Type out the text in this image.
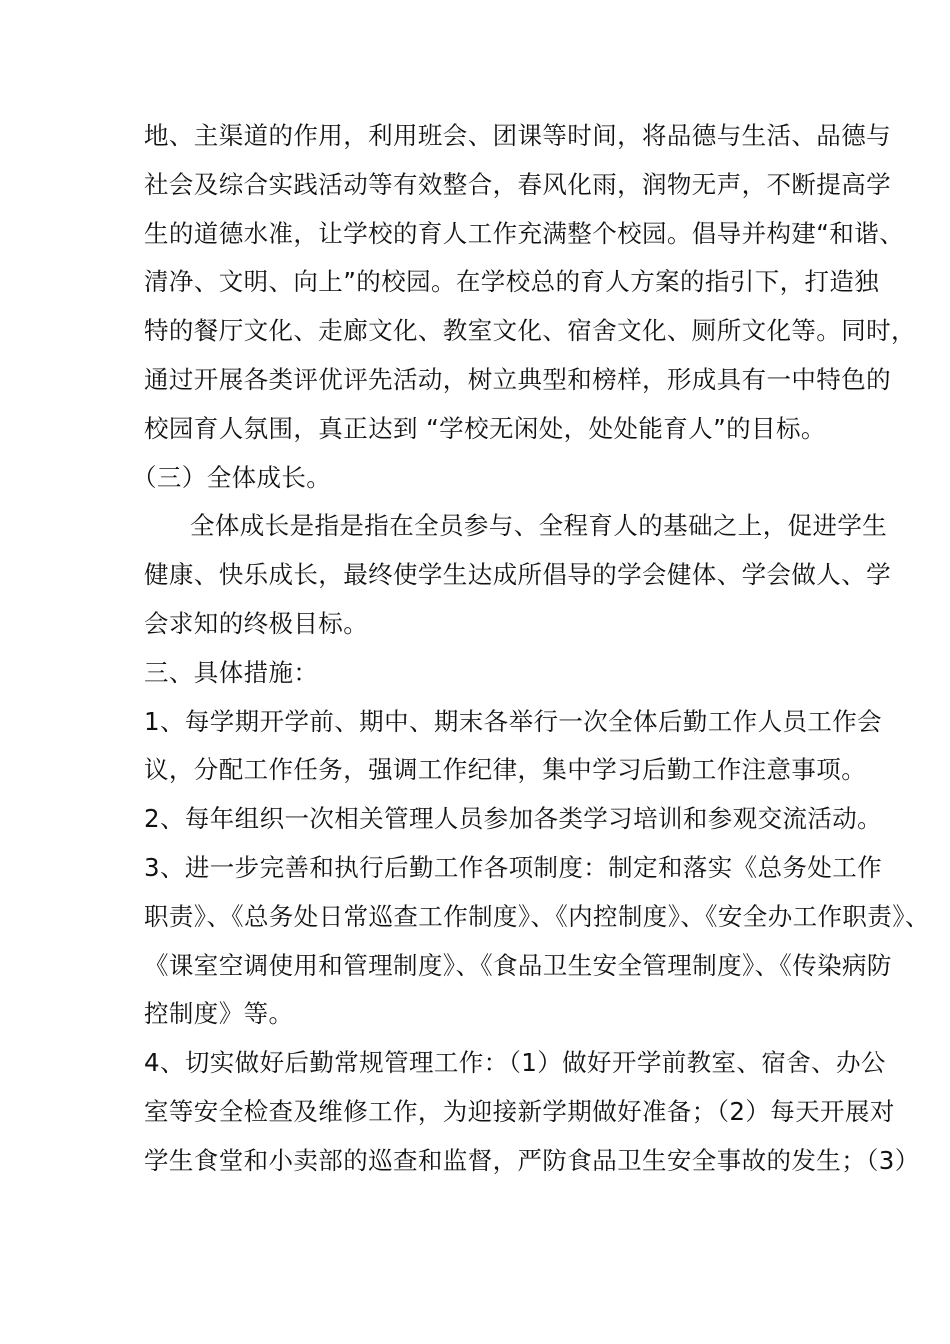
地、主渠道的作用，利用班会、团课等时间，将品德与生活、品德与
社会及综合实践活动等有效整合，春风化雨，润物无声，不断提高学
生的道德水准，让学校的育人工作充满整个校园。倡导并构建“和谐、
清净、文明、向上”的校园。在学校总的育人方案的指引下，打造独
特的餐厅文化、走廊文化、教室文化、宿舍文化、厕所文化等。同时，
通过开展各类评优评先活动，树立典型和榜样，形成具有一中特色的
校园育人氛围，真正达到 “学校无闲处，处处能育人”的目标。
（三）全体成长。
全体成长是指是指在全员参与、全程育人的基础之上，促进学生
健康、快乐成长，最终使学生达成所倡导的学会健体、学会做人、学
会求知的终极目标。
三、具体措施：
1、每学期开学前、期中、期末各举行一次全体后勤工作人员工作会
议，分配工作任务，强调工作纪律，集中学习后勤工作注意事项。
2、每年组织一次相关管理人员参加各类学习培训和参观交流活动。
3、进一步完善和执行后勤工作各项制度：制定和落实《总务处工作
职责》、《总务处日常巡查工作制度》、《内控制度》、《安全办工作职责》、
《课室空调使用和管理制度》、《食品卫生安全管理制度》、《传染病防
控制度》等。
4、切实做好后勤常规管理工作：（1）做好开学前教室、宿舍、办公
室等安全检查及维修工作，为迎接新学期做好准备；（2）每天开展对
学生食堂和小卖部的巡查和监督，严防食品卫生安全事故的发生；（3）
